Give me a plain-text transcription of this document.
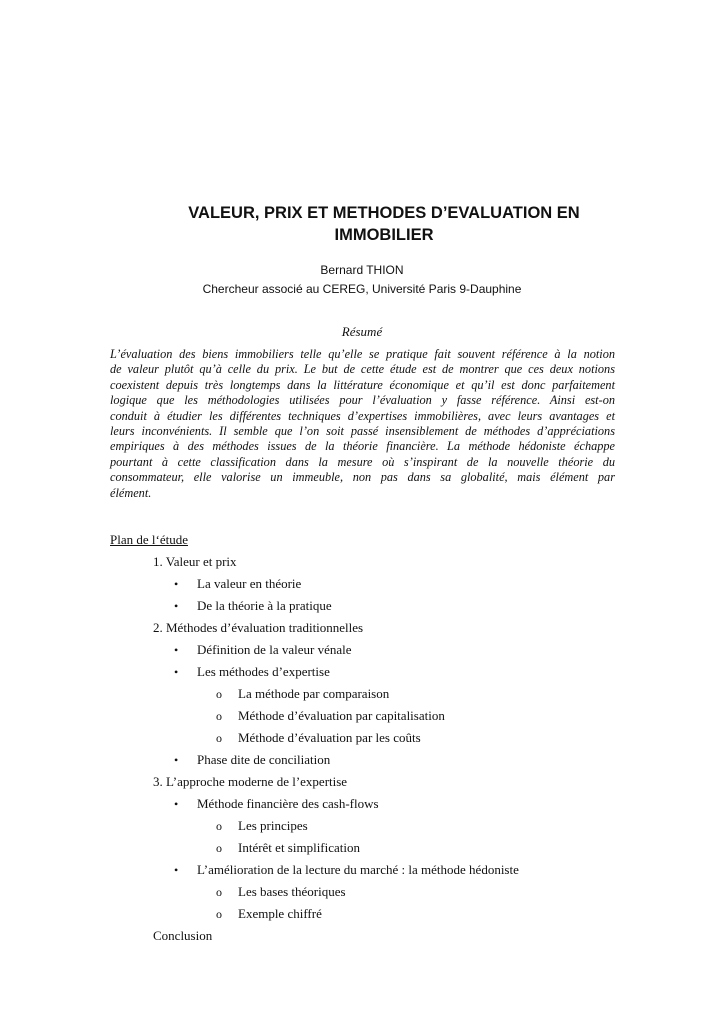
VALEUR, PRIX ET METHODES D’EVALUATION EN
IMMOBILIER
Bernard THION
Chercheur associé au CEREG, Université Paris 9-Dauphine
Résumé
L’évaluation des biens immobiliers telle qu’elle se pratique fait souvent référence à la notion
de valeur plutôt qu’à celle du prix. Le but de cette étude est de montrer que ces deux notions
coexistent depuis très longtemps dans la littérature économique et qu’il est donc parfaitement
logique que les méthodologies utilisées pour l’évaluation y fasse référence. Ainsi est-on
conduit à étudier les différentes techniques d’expertises immobilières, avec leurs avantages et
leurs inconvénients. Il semble que l’on soit passé insensiblement de méthodes d’appréciations
empiriques à des méthodes issues de la théorie financière. La méthode hédoniste échappe
pourtant à cette classification dans la mesure où s’inspirant de la nouvelle théorie du
consommateur, elle valorise un immeuble, non pas dans sa globalité, mais élément par
élément.
Plan de l‘étude
1. Valeur et prix
• La valeur en théorie
• De la théorie à la pratique
2. Méthodes d’évaluation traditionnelles
• Définition de la valeur vénale
• Les méthodes d’expertise
o La méthode par comparaison
o Méthode d’évaluation par capitalisation
o Méthode d’évaluation par les coûts
• Phase dite de conciliation
3. L’approche moderne de l’expertise
• Méthode financière des cash-flows
o Les principes
o Intérêt et simplification
• L’amélioration de la lecture du marché : la méthode hédoniste
o Les bases théoriques
o Exemple chiffré
Conclusion
